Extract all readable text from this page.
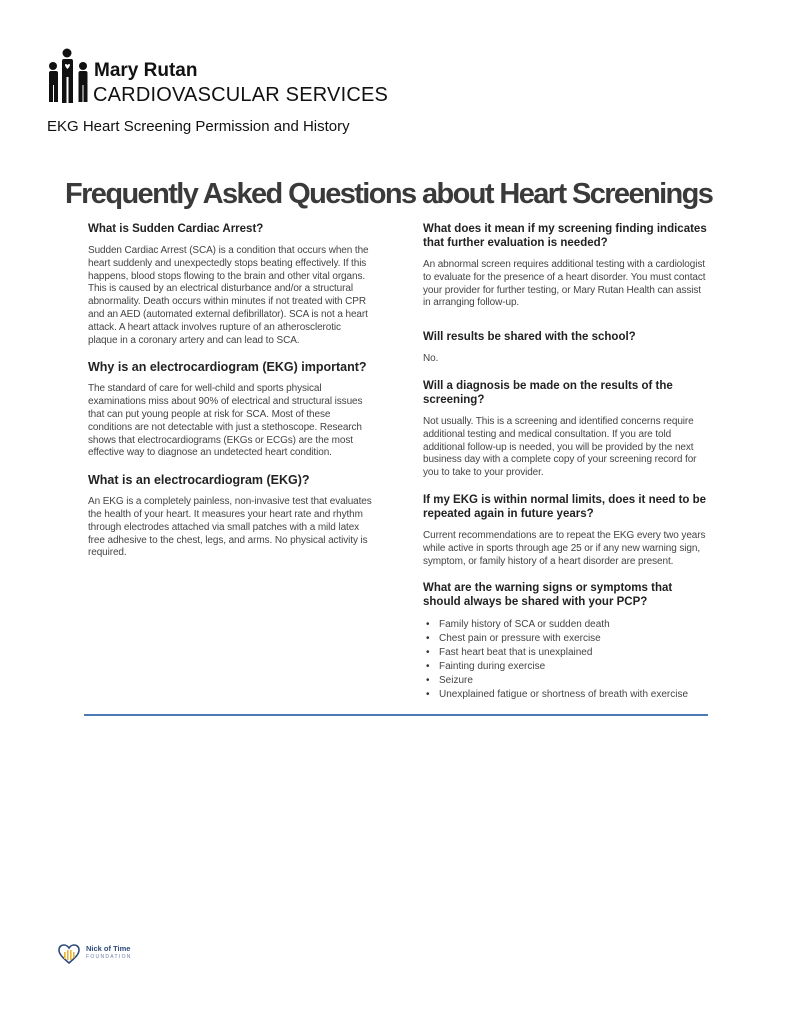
Mary Rutan
CARDIOVASCULAR SERVICES
EKG Heart Screening Permission and History
Frequently Asked Questions about Heart Screenings

What is Sudden Cardiac Arrest?

Sudden Cardiac Arrest (SCA) is a condition that occurs when the heart suddenly and unexpectedly stops beating effectively. If this happens, blood stops flowing to the brain and other vital organs. This is caused by an electrical disturbance and/or a structural abnormality. Death occurs within minutes if not treated with CPR and an AED (automated external defibrillator). SCA is not a heart attack. A heart attack involves rupture of an atherosclerotic plaque in a coronary artery and can lead to SCA.

Why is an electrocardiogram (EKG) important?

The standard of care for well-child and sports physical examinations miss about 90% of electrical and structural issues that can put young people at risk for SCA. Most of these conditions are not detectable with just a stethoscope. Research shows that electrocardiograms (EKGs or ECGs) are the most effective way to diagnose an undetected heart condition.

What is an electrocardiogram (EKG)?

An EKG is a completely painless, non-invasive test that evaluates the health of your heart. It measures your heart rate and rhythm through electrodes attached via small patches with a mild latex free adhesive to the chest, legs, and arms. No physical activity is required.

What does it mean if my screening finding indicates that further evaluation is needed?

An abnormal screen requires additional testing with a cardiologist to evaluate for the presence of a heart disorder. You must contact your provider for further testing, or Mary Rutan Health can assist in arranging follow-up.

Will results be shared with the school?

No.

Will a diagnosis be made on the results of the screening?

Not usually. This is a screening and identified concerns require additional testing and medical consultation. If you are told additional follow-up is needed, you will be provided by the next business day with a complete copy of your screening record for you to take to your provider.

If my EKG is within normal limits, does it need to be repeated again in future years?

Current recommendations are to repeat the EKG every two years while active in sports through age 25 or if any new warning sign, symptom, or family history of a heart disorder are present.

What are the warning signs or symptoms that should always be shared with your PCP?

• Family history of SCA or sudden death
• Chest pain or pressure with exercise
• Fast heart beat that is unexplained
• Fainting during exercise
• Seizure
• Unexplained fatigue or shortness of breath with exercise
Nick of Time
FOUNDATION
